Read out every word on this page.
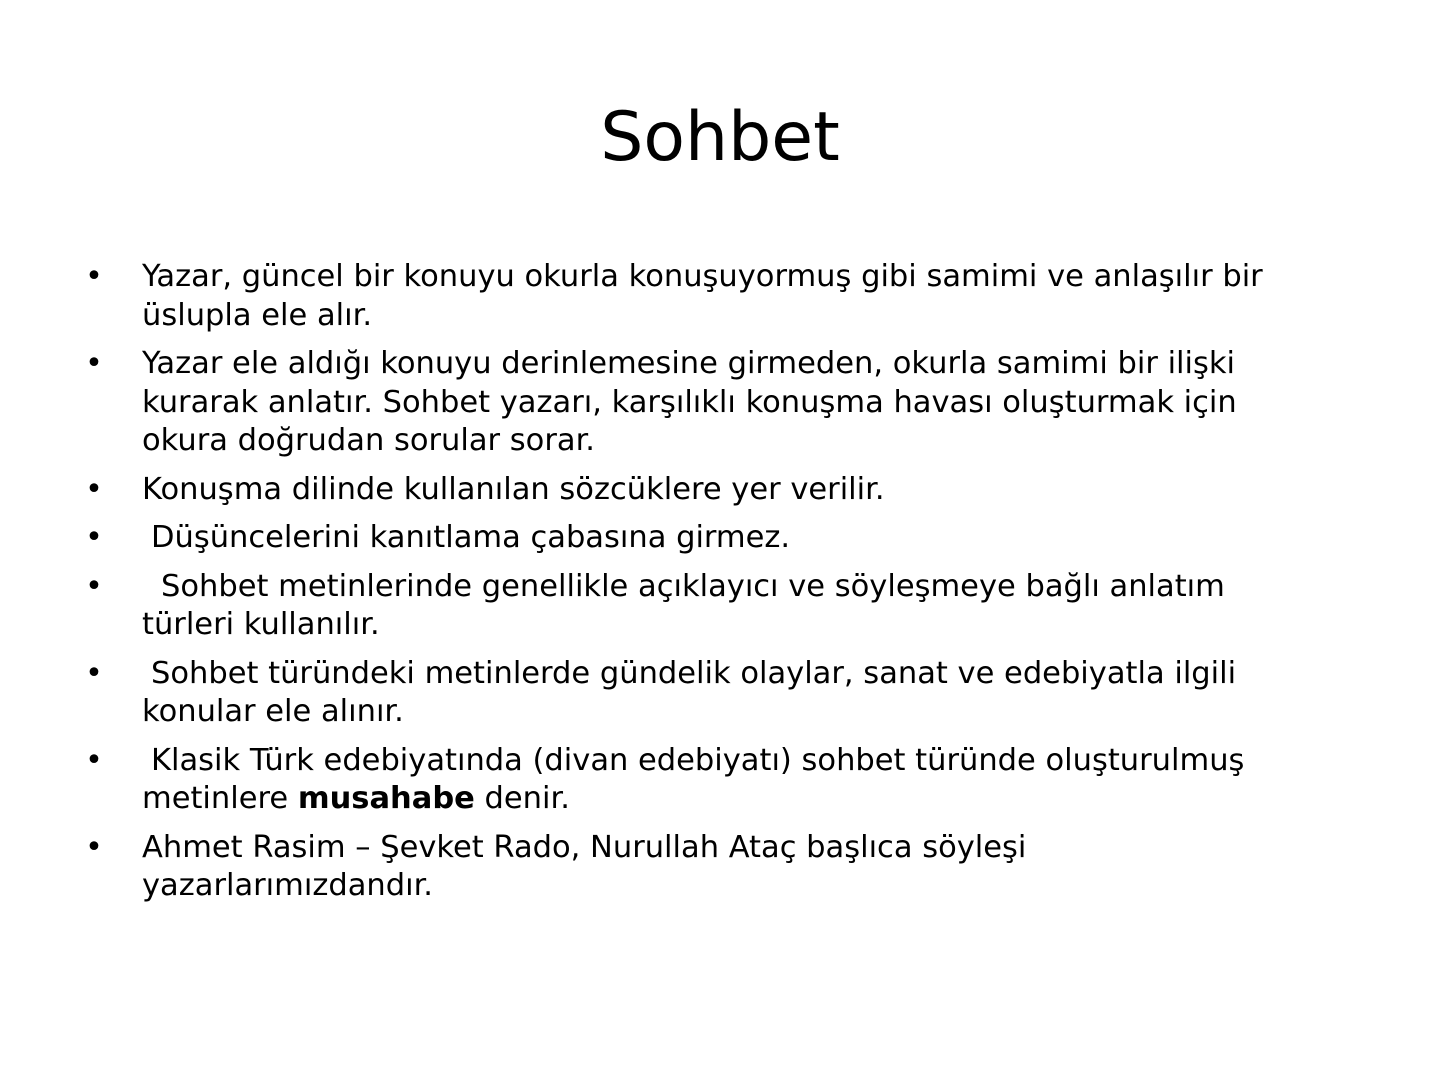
Sohbet
• Yazar, güncel bir konuyu okurla konuşuyormuş gibi samimi ve anlaşılır bir
üslupla ele alır.
• Yazar ele aldığı konuyu derinlemesine girmeden, okurla samimi bir ilişki
kurarak anlatır. Sohbet yazarı, karşılıklı konuşma havası oluşturmak için
okura doğrudan sorular sorar.
• Konuşma dilinde kullanılan sözcüklere yer verilir.
• Düşüncelerini kanıtlama çabasına girmez.
•	Sohbet metinlerinde genellikle açıklayıcı ve söyleşmeye bağlı anlatım
türleri kullanılır.
• Sohbet türündeki metinlerde gündelik olaylar, sanat ve edebiyatla ilgili
konular ele alınır.
• Klasik Türk edebiyatında (divan edebiyatı) sohbet türünde oluşturulmuş
metinlere musahabe denir.
• Ahmet Rasim – Şevket Rado, Nurullah Ataç başlıca söyleşi
yazarlarımızdandır.
